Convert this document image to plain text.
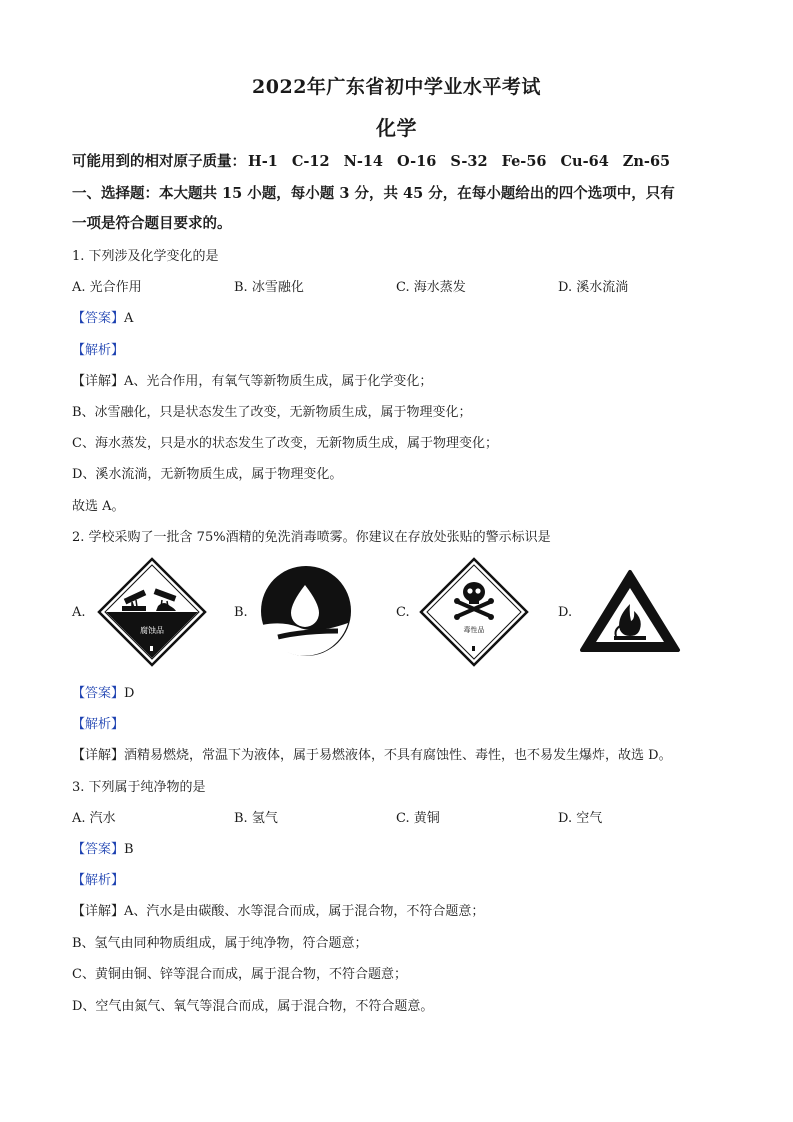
2022年广东省初中学业水平考试
化学
可能用到的相对原子质量： H-1 C-12 N-14 O-16 S-32 Fe-56 Cu-64 Zn-65
一、选择题：本大题共 15 小题，每小题 3 分，共 45 分，在每小题给出的四个选项中，只有
一项是符合题目要求的。
1. 下列涉及化学变化的是
A. 光合作用	B. 冰雪融化	C. 海水蒸发	D. 溪水流淌
【答案】A
【解析】
【详解】A、光合作用，有氧气等新物质生成，属于化学变化；
B、冰雪融化，只是状态发生了改变，无新物质生成，属于物理变化；
C、海水蒸发，只是水的状态发生了改变，无新物质生成，属于物理变化；
D、溪水流淌，无新物质生成，属于物理变化。
故选 A。
2. 学校采购了一批含 75%酒精的免洗消毒喷雾。你建议在存放处张贴的警示标识是
A.
腐蚀品
B.	C.
毒性品
D.
【答案】D
【解析】
【详解】酒精易燃烧，常温下为液体，属于易燃液体，不具有腐蚀性、毒性，也不易发生爆炸，故选 D。
3. 下列属于纯净物的是
A. 汽水	B. 氢气	C. 黄铜	D. 空气
【答案】B
【解析】
【详解】A、汽水是由碳酸、水等混合而成，属于混合物，不符合题意；
B、氢气由同种物质组成，属于纯净物，符合题意；
C、黄铜由铜、锌等混合而成，属于混合物，不符合题意；
D、空气由氮气、氧气等混合而成，属于混合物，不符合题意。
